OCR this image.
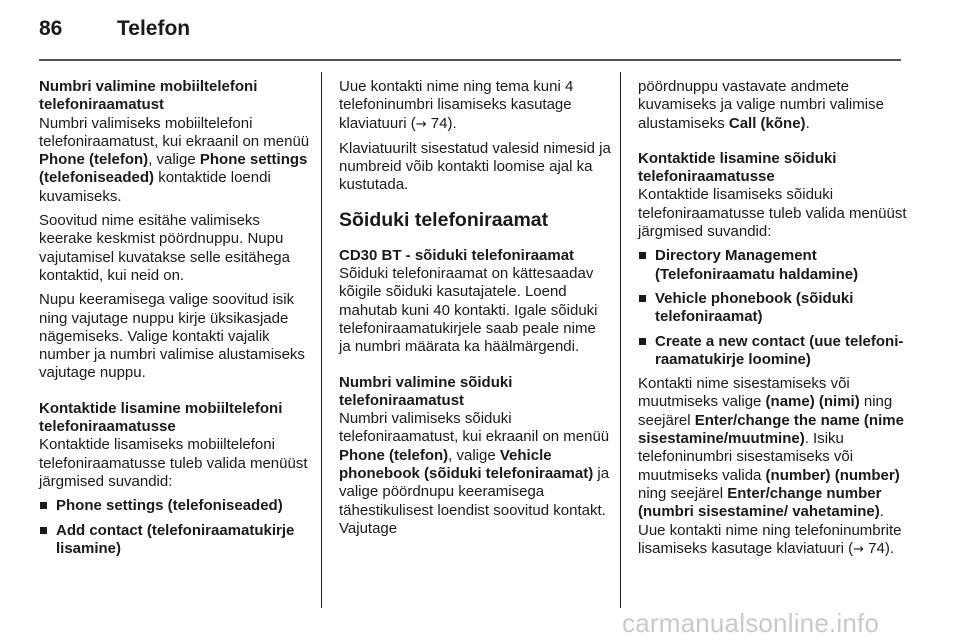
86	Telefon

Numbri valimine mobiiltelefoni telefoniraamatust

Numbri valimiseks mobiiltelefoni telefoniraamatust, kui ekraanil on menüü Phone (telefon), valige Phone settings (telefoniseaded) kontaktide loendi kuvamiseks.

Soovitud nime esitähe valimiseks keerake keskmist pöördnuppu. Nupu vajutamisel kuvatakse selle esitähega kontaktid, kui neid on.

Nupu keeramisega valige soovitud isik ning vajutage nuppu kirje üksikasjade nägemiseks. Valige kontakti vajalik number ja numbri valimise alustamiseks vajutage nuppu.

Kontaktide lisamine mobiiltelefoni telefoniraamatusse

Kontaktide lisamiseks mobiiltelefoni telefoniraamatusse tuleb valida menüüst järgmised suvandid:

Phone settings (telefoniseaded)
Add contact (telefoniraamatukirje lisamine)

Uue kontakti nime ning tema kuni 4 telefoninumbri lisamiseks kasutage klaviatuuri (→ 74).

Klaviatuurilt sisestatud valesid nimesid ja numbreid võib kontakti loomise ajal ka kustutada.

Sõiduki telefoniraamat

CD30 BT - sõiduki telefoniraamat

Sõiduki telefoniraamat on kättesaadav kõigile sõiduki kasutajatele. Loend mahutab kuni 40 kontakti. Igale sõiduki telefoniraamatukirjele saab peale nime ja numbri määrata ka häälmärgendi.

Numbri valimine sõiduki telefoniraamatust

Numbri valimiseks sõiduki telefoniraamatust, kui ekraanil on menüü Phone (telefon), valige Vehicle phonebook (sõiduki telefoniraamat) ja valige pöördnupu keeramisega tähestikulisest loendist soovitud kontakt. Vajutage

pöördnuppu vastavate andmete kuvamiseks ja valige numbri valimise alustamiseks Call (kõne).

Kontaktide lisamine sõiduki telefoniraamatusse

Kontaktide lisamiseks sõiduki telefoniraamatusse tuleb valida menüüst järgmised suvandid:

Directory Management (Telefoniraamatu haldamine)
Vehicle phonebook (sõiduki telefoniraamat)
Create a new contact (uue telefoniraamatukirje loomine)

Kontakti nime sisestamiseks või muutmiseks valige (name) (nimi) ning seejärel Enter/change the name (nime sisestamine/muutmine). Isiku telefoninumbri sisestamiseks või muutmiseks valida (number) (number) ning seejärel Enter/change number (numbri sisestamine/ vahetamine). Uue kontakti nime ning telefoninumbrite lisamiseks kasutage klaviatuuri (→ 74).

carmanualsonline.info
